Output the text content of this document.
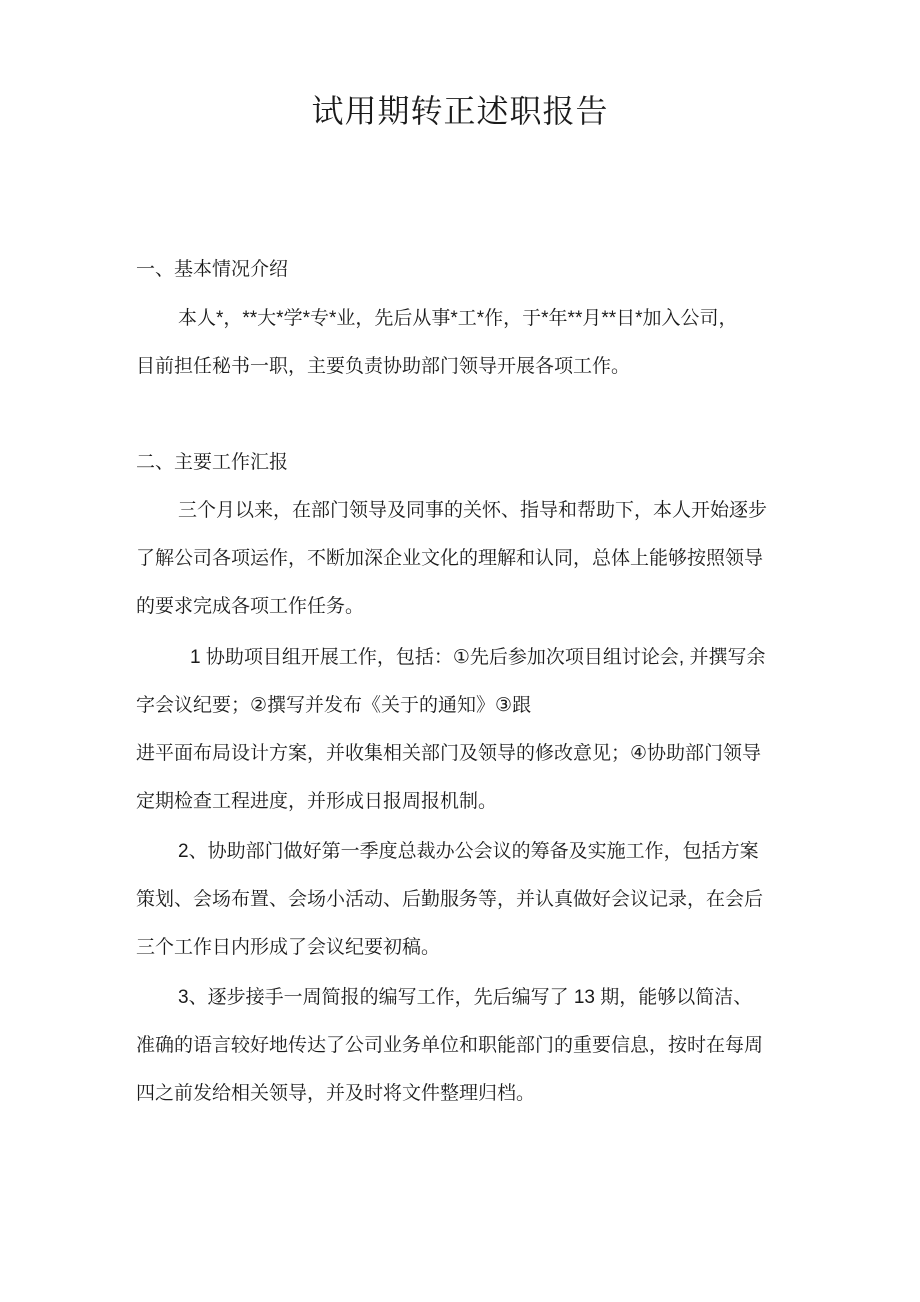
试用期转正述职报告
一、基本情况介绍
本人*，**大*学*专*业，先后从事*工*作，于*年**月**日*加入公司，
目前担任秘书一职，主要负责协助部门领导开展各项工作。
二、主要工作汇报
三个月以来，在部门领导及同事的关怀、指导和帮助下，本人开始逐步
了解公司各项运作，不断加深企业文化的理解和认同，总体上能够按照领导
的要求完成各项工作任务。
1 协助项目组开展工作，包括：①先后参加次项目组讨论会, 并撰写余
字会议纪要；②撰写并发布《关于的通知》③跟
进平面布局设计方案，并收集相关部门及领导的修改意见；④协助部门领导
定期检查工程进度，并形成日报周报机制。
2、协助部门做好第一季度总裁办公会议的筹备及实施工作，包括方案
策划、会场布置、会场小活动、后勤服务等，并认真做好会议记录，在会后
三个工作日内形成了会议纪要初稿。
3、逐步接手一周简报的编写工作，先后编写了 13 期，能够以简洁、
准确的语言较好地传达了公司业务单位和职能部门的重要信息，按时在每周
四之前发给相关领导，并及时将文件整理归档。
